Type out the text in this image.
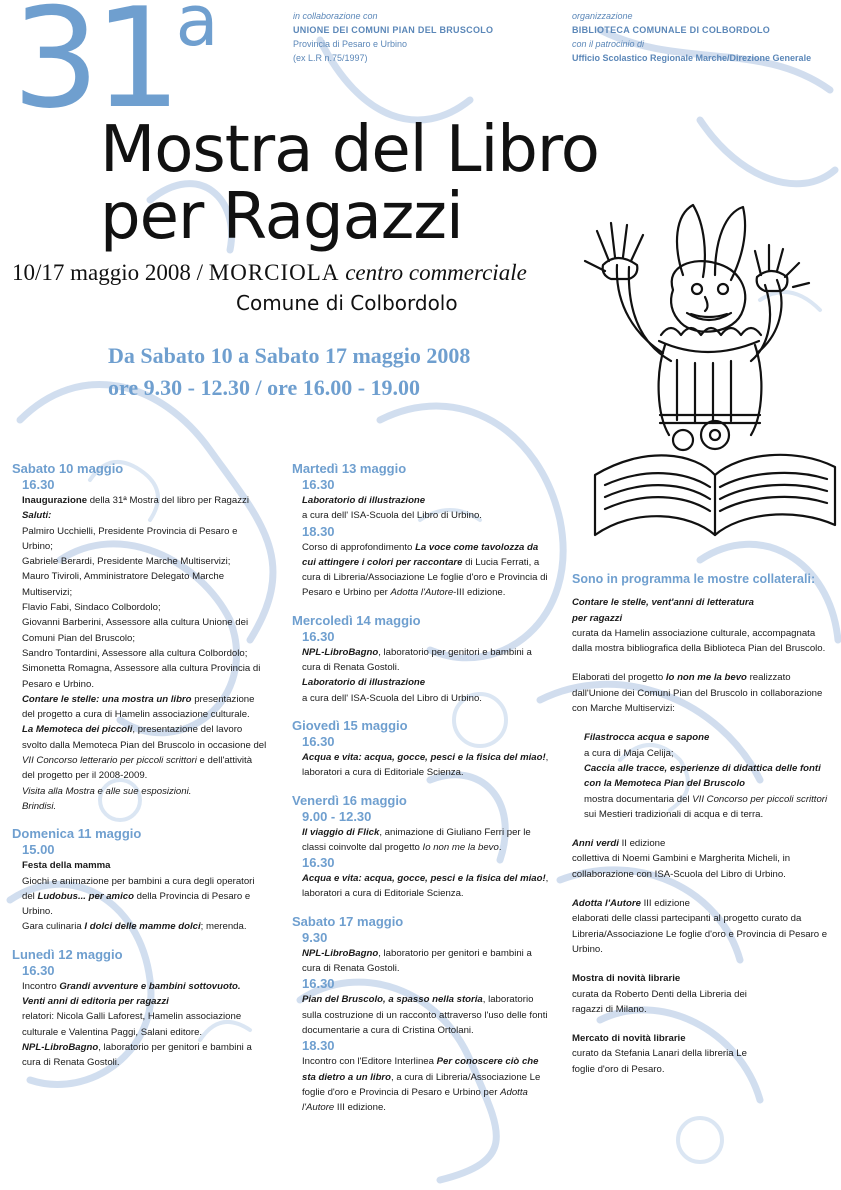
in collaborazione con
UNIONE DEI COMUNI PIAN DEL BRUSCOLO
Provincia di Pesaro e Urbino
(ex L.R n.75/1997)
organizzazione
BIBLIOTECA COMUNALE DI COLBORDOLO
con il patrocinio di
Ufficio Scolastico Regionale Marche/Direzione Generale
31$^a$
Mostra del Libro
per Ragazzi
10/17 maggio 2008 / MORCIOLA centro commerciale
Comune di Colbordolo
Da Sabato 10 a Sabato 17 maggio 2008
ore 9.30 - 12.30 / ore 16.00 - 19.00
Sabato 10 maggio
16.30

Inaugurazione della 31ª Mostra del libro per Ragazzi

Saluti:

Palmiro Ucchielli, Presidente Provincia di Pesaro e Urbino;

Gabriele Berardi, Presidente Marche Multiservizi;

Mauro Tiviroli, Amministratore Delegato Marche Multiservizi;

Flavio Fabi, Sindaco Colbordolo;

Giovanni Barberini, Assessore alla cultura Unione dei Comuni Pian del Bruscolo;

Sandro Tontardini, Assessore alla cultura Colbordolo;

Simonetta Romagna, Assessore alla cultura Provincia di Pesaro e Urbino.

Contare le stelle: una mostra un libro presentazione del progetto a cura di Hamelin associazione culturale.

La Memoteca dei piccoli, presentazione del lavoro svolto dalla Memoteca Pian del Bruscolo in occasione del VII Concorso letterario per piccoli scrittori e dell'attività del progetto per il 2008-2009.

Visita alla Mostra e alle sue esposizioni.

Brindisi.

Domenica 11 maggio
15.00

Festa della mamma

Giochi e animazione per bambini a cura degli operatori del Ludobus... per amico della Provincia di Pesaro e Urbino.

Gara culinaria I dolci delle mamme dolci; merenda.

Lunedì 12 maggio
16.30

Incontro Grandi avventure e bambini sottovuoto.

Venti anni di editoria per ragazzi

relatori: Nicola Galli Laforest, Hamelin associazione culturale e Valentina Paggi, Salani editore.

NPL-LibroBagno, laboratorio per genitori e bambini a cura di Renata Gostoli.

Martedì 13 maggio
16.30

Laboratorio di illustrazione

a cura dell' ISA-Scuola del Libro di Urbino.

18.30

Corso di approfondimento La voce come tavolozza da cui attingere i colori per raccontare di Lucia Ferrati, a cura di Libreria/Associazione Le foglie d'oro e Provincia di Pesaro e Urbino per Adotta l'Autore-III edizione.

Mercoledì 14 maggio
16.30

NPL-LibroBagno, laboratorio per genitori e bambini a cura di Renata Gostoli.

Laboratorio di illustrazione

a cura dell' ISA-Scuola del Libro di Urbino.

Giovedì 15 maggio
16.30

Acqua e vita: acqua, gocce, pesci e la fisica del miao!, laboratori a cura di Editoriale Scienza.

Venerdì 16 maggio
9.00 - 12.30

Il viaggio di Flick, animazione di Giuliano Ferri per le classi coinvolte dal progetto Io non me la bevo.

16.30

Acqua e vita: acqua, gocce, pesci e la fisica del miao!, laboratori a cura di Editoriale Scienza.

Sabato 17 maggio
9.30

NPL-LibroBagno, laboratorio per genitori e bambini a cura di Renata Gostoli.

16.30

Pian del Bruscolo, a spasso nella storia, laboratorio sulla costruzione di un racconto attraverso l'uso delle fonti documentarie a cura di Cristina Ortolani.

18.30

Incontro con l'Editore Interlinea Per conoscere ciò che sta dietro a un libro, a cura di Libreria/Associazione Le foglie d'oro e Provincia di Pesaro e Urbino per Adotta l'Autore III edizione.

Sono in programma le mostre collaterali:

Contare le stelle, vent'anni di letteratura per ragazzi

curata da Hamelin associazione culturale, accompagnata dalla mostra bibliografica della Biblioteca Pian del Bruscolo.

Elaborati del progetto Io non me la bevo realizzato dall'Unione dei Comuni Pian del Bruscolo in collaborazione con Marche Multiservizi:

Filastrocca acqua e sapone

a cura di Maja Celija;

Caccia alle tracce, esperienze di didattica delle fonti con la Memoteca Pian del Bruscolo

mostra documentaria del VII Concorso per piccoli scrittori sui Mestieri tradizionali di acqua e di terra.

Anni verdi II edizione

collettiva di Noemi Gambini e Margherita Micheli, in collaborazione con ISA-Scuola del Libro di Urbino.

Adotta l'Autore III edizione

elaborati delle classi partecipanti al progetto curato da Libreria/Associazione Le foglie d'oro e Provincia di Pesaro e Urbino.

Mostra di novità librarie

curata da Roberto Denti della Libreria dei ragazzi di Milano.

Mercato di novità librarie

curato da Stefania Lanari della libreria Le foglie d'oro di Pesaro.
